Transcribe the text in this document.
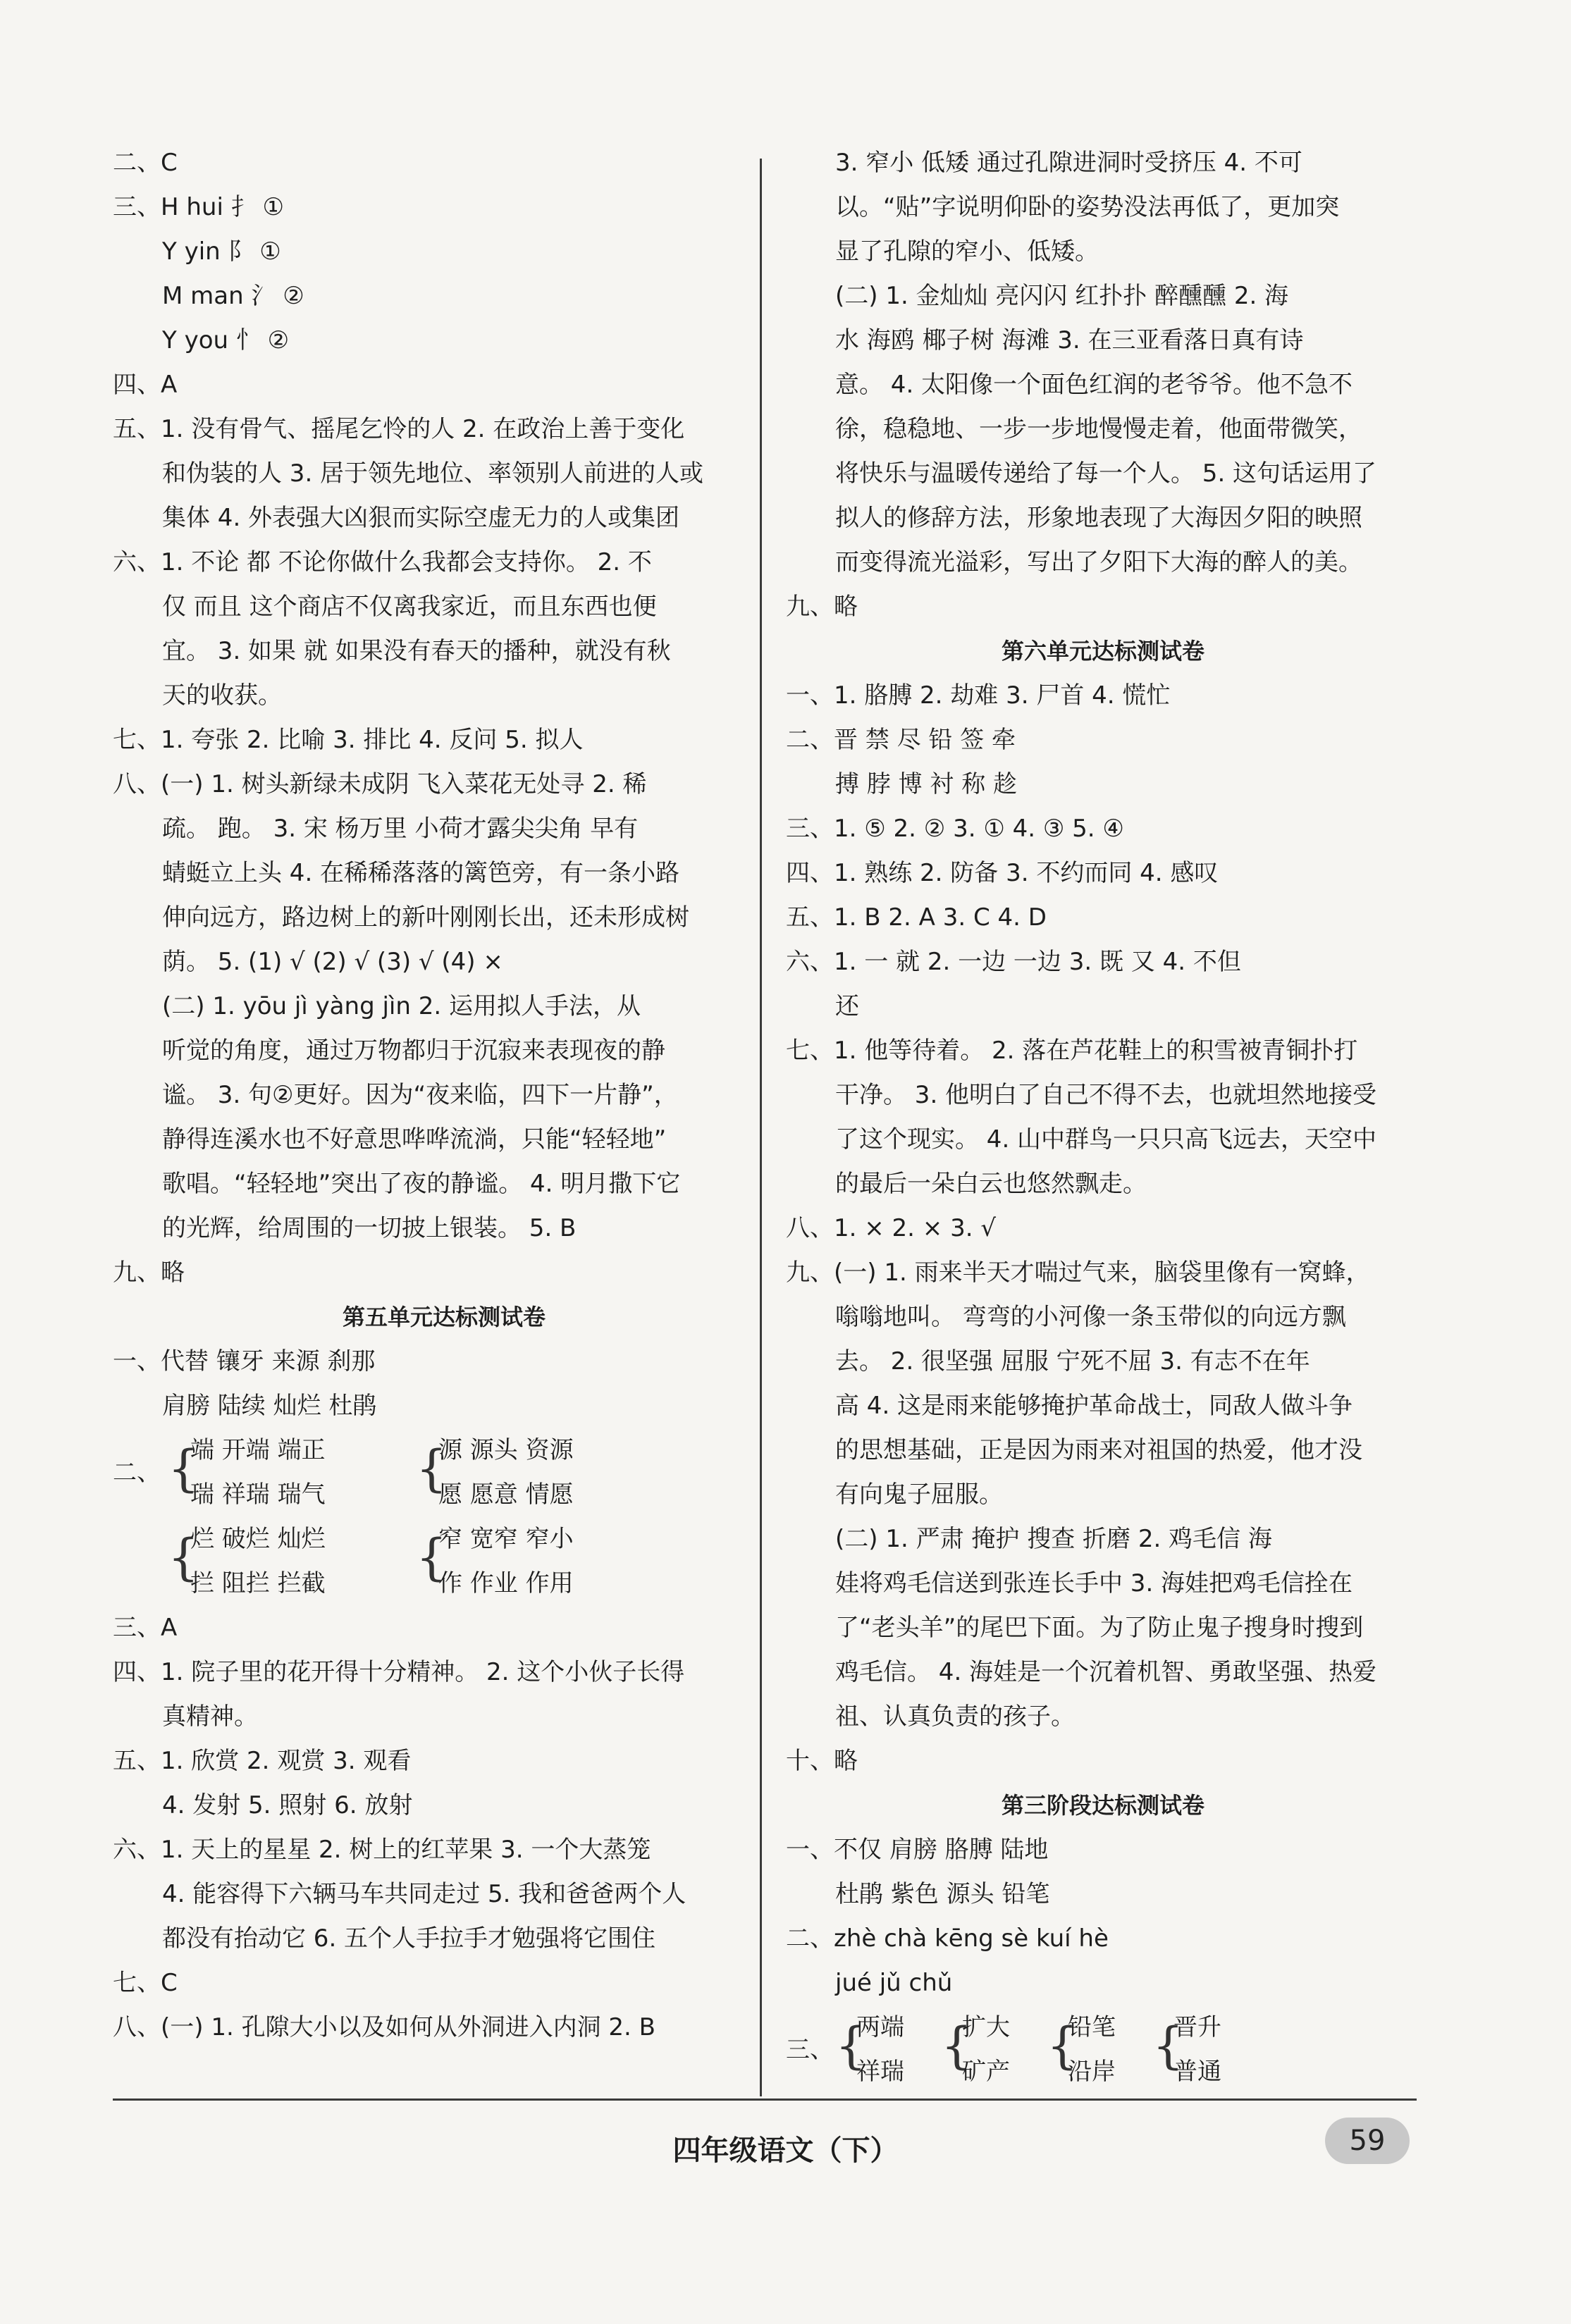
二、C
三、H hui 扌 ①
Y yin 阝 ①
M man 氵 ②
Y you 忄 ②
四、A
五、1. 没有骨气、摇尾乞怜的人 2. 在政治上善于变化
和伪装的人 3. 居于领先地位、率领别人前进的人或
集体 4. 外表强大凶狠而实际空虚无力的人或集团
六、1. 不论 都 不论你做什么我都会支持你。 2. 不
仅 而且 这个商店不仅离我家近，而且东西也便
宜。 3. 如果 就 如果没有春天的播种，就没有秋
天的收获。
七、1. 夸张 2. 比喻 3. 排比 4. 反问 5. 拟人
八、(一) 1. 树头新绿未成阴 飞入菜花无处寻 2. 稀
疏。 跑。 3. 宋 杨万里 小荷才露尖尖角 早有
蜻蜓立上头 4. 在稀稀落落的篱笆旁，有一条小路
伸向远方，路边树上的新叶刚刚长出，还未形成树
荫。 5. (1) √ (2) √ (3) √ (4) ×
(二) 1. yōu jì yàng jìn 2. 运用拟人手法，从
听觉的角度，通过万物都归于沉寂来表现夜的静
谧。 3. 句②更好。因为“夜来临，四下一片静”，
静得连溪水也不好意思哗哗流淌，只能“轻轻地”
歌唱。“轻轻地”突出了夜的静谧。 4. 明月撒下它
的光辉，给周围的一切披上银装。 5. B
九、略
第五单元达标测试卷
一、代替 镶牙 来源 刹那
肩膀 陆续 灿烂 杜鹃
二、 {
端 开端 端正
瑞 祥瑞 瑞气 {
源 源头 资源
愿 愿意 情愿
{
烂 破烂 灿烂
拦 阻拦 拦截 {
窄 宽窄 窄小
作 作业 作用
三、A
四、1. 院子里的花开得十分精神。 2. 这个小伙子长得
真精神。
五、1. 欣赏 2. 观赏 3. 观看
4. 发射 5. 照射 6. 放射
六、1. 天上的星星 2. 树上的红苹果 3. 一个大蒸笼
4. 能容得下六辆马车共同走过 5. 我和爸爸两个人
都没有抬动它 6. 五个人手拉手才勉强将它围住
七、C
八、(一) 1. 孔隙大小以及如何从外洞进入内洞 2. B
3. 窄小 低矮 通过孔隙进洞时受挤压 4. 不可
以。“贴”字说明仰卧的姿势没法再低了，更加突
显了孔隙的窄小、低矮。
(二) 1. 金灿灿 亮闪闪 红扑扑 醉醺醺 2. 海
水 海鸥 椰子树 海滩 3. 在三亚看落日真有诗
意。 4. 太阳像一个面色红润的老爷爷。他不急不
徐，稳稳地、一步一步地慢慢走着，他面带微笑，
将快乐与温暖传递给了每一个人。 5. 这句话运用了
拟人的修辞方法，形象地表现了大海因夕阳的映照
而变得流光溢彩，写出了夕阳下大海的醉人的美。
九、略
第六单元达标测试卷
一、1. 胳膊 2. 劫难 3. 尸首 4. 慌忙
二、晋 禁 尽 铅 签 牵
搏 脖 博 衬 称 趁
三、1. ⑤ 2. ② 3. ① 4. ③ 5. ④
四、1. 熟练 2. 防备 3. 不约而同 4. 感叹
五、1. B 2. A 3. C 4. D
六、1. 一 就 2. 一边 一边 3. 既 又 4. 不但
还
七、1. 他等待着。 2. 落在芦花鞋上的积雪被青铜扑打
干净。 3. 他明白了自己不得不去，也就坦然地接受
了这个现实。 4. 山中群鸟一只只高飞远去，天空中
的最后一朵白云也悠然飘走。
八、1. × 2. × 3. √
九、(一) 1. 雨来半天才喘过气来，脑袋里像有一窝蜂，
嗡嗡地叫。 弯弯的小河像一条玉带似的向远方飘
去。 2. 很坚强 屈服 宁死不屈 3. 有志不在年
高 4. 这是雨来能够掩护革命战士，同敌人做斗争
的思想基础，正是因为雨来对祖国的热爱，他才没
有向鬼子屈服。
(二) 1. 严肃 掩护 搜查 折磨 2. 鸡毛信 海
娃将鸡毛信送到张连长手中 3. 海娃把鸡毛信拴在
了“老头羊”的尾巴下面。为了防止鬼子搜身时搜到
鸡毛信。 4. 海娃是一个沉着机智、勇敢坚强、热爱
祖、认真负责的孩子。
十、略
第三阶段达标测试卷
一、不仅 肩膀 胳膊 陆地
杜鹃 紫色 源头 铅笔
二、zhè chà kēng sè kuí hè
jué jǔ chǔ
三、 {
两端
祥瑞 {
扩大
矿产 {
铅笔
沿岸 {
晋升
普通
四年级语文（下）	59
